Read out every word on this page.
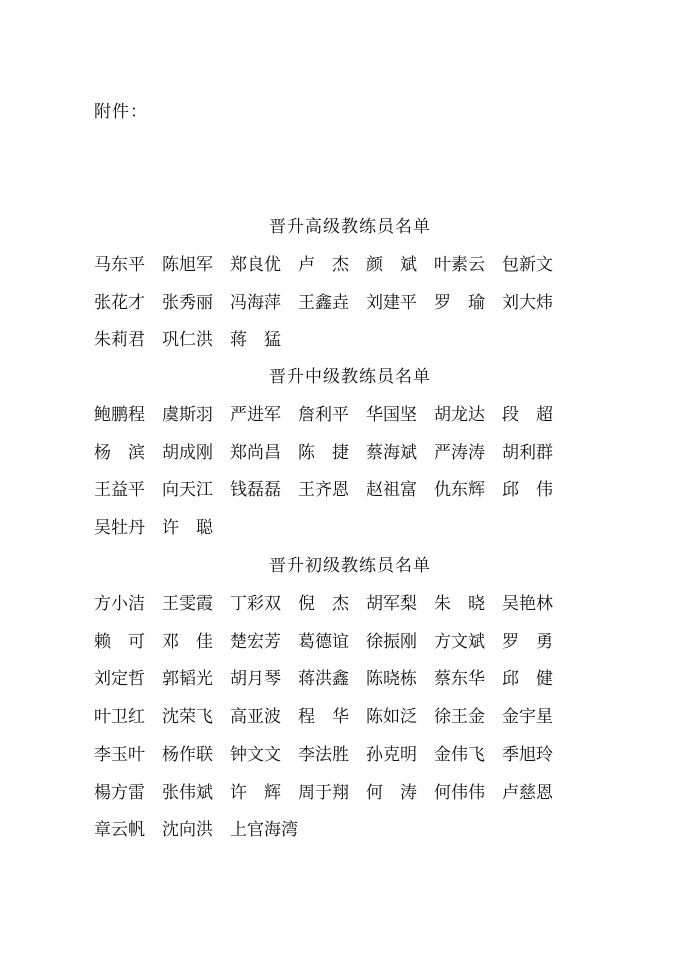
附件：
晋升高级教练员名单
马东平	陈旭军	郑良优	卢　杰	颜　斌	叶素云	包新文
张花才	张秀丽	冯海萍	王鑫垚	刘建平	罗　瑜	刘大炜
朱莉君	巩仁洪	蒋　猛
晋升中级教练员名单
鲍鹏程	虞斯羽	严进军	詹利平	华国坚	胡龙达	段　超
杨　滨	胡成刚	郑尚昌	陈　捷	蔡海斌	严涛涛	胡利群
王益平	向天江	钱磊磊	王齐恩	赵祖富	仇东辉	邱　伟
吴牡丹	许　聪
晋升初级教练员名单
方小洁	王雯霞	丁彩双	倪　杰	胡军梨	朱　晓	吴艳林
赖　可	邓　佳	楚宏芳	葛德谊	徐振刚	方文斌	罗　勇
刘定哲	郭韬光	胡月琴	蒋洪鑫	陈晓栋	蔡东华	邱　健
叶卫红	沈荣飞	高亚波	程　华	陈如泛	徐王金	金宇星
李玉叶	杨作联	钟文文	李法胜	孙克明	金伟飞	季旭玲
楊方雷	张伟斌	许　辉	周于翔	何　涛	何伟伟	卢慈恩
章云帆	沈向洪	上官海湾
